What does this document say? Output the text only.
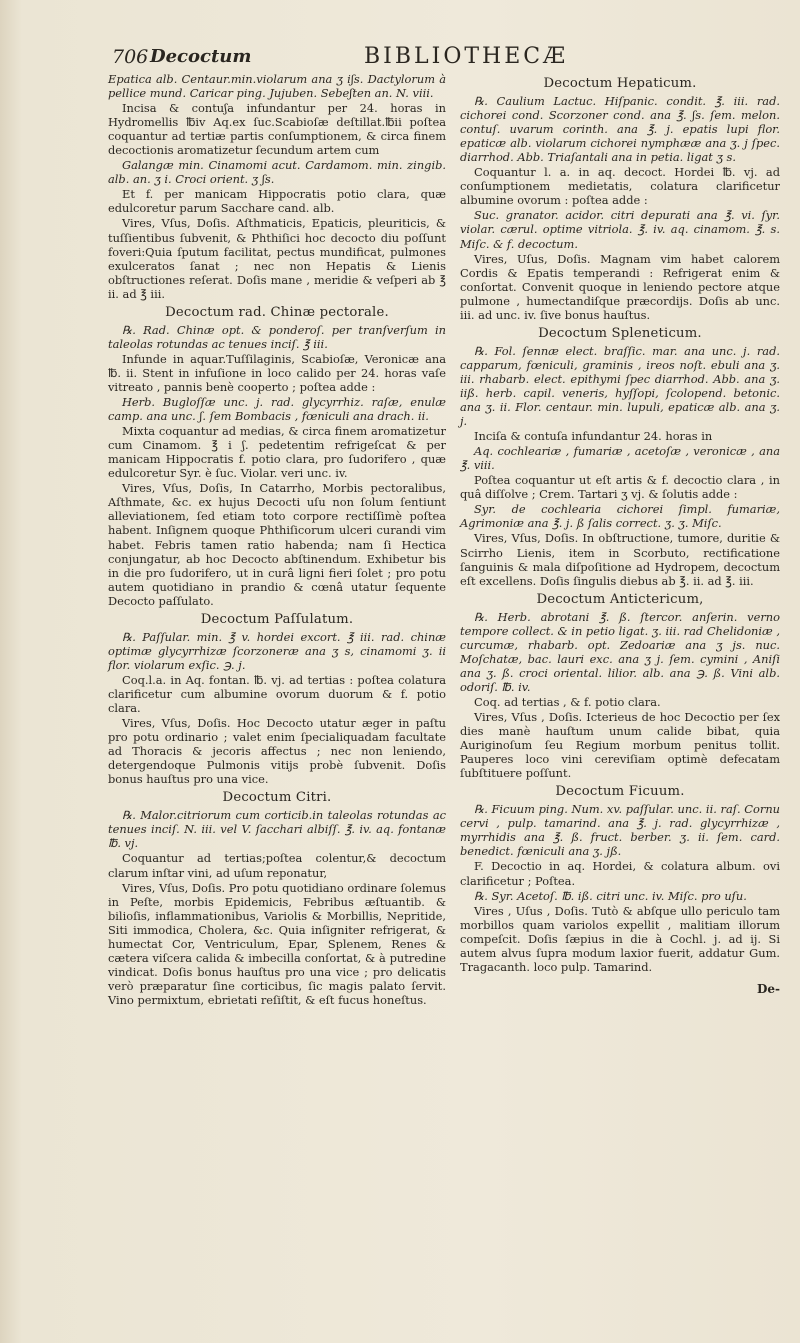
706 Decoctum	BIBLIOTHECÆ

Epatica alb. Centaur.min.violarum ana ʒ iʃs. Dactylorum à pellice mund. Caricar ping. Jujuben. Sebeʃten an. N. viii.

Incisa & contuʃa infundantur per 24. horas in Hydromellis ℔iv Aq.ex ſuc.Scabioſæ deſtillat.℔ii poſtea coquantur ad tertiæ partis conſumptionem, & circa finem decoctionis aromatizetur ſecundum artem cum

Galangæ min. Cinamomi acut. Cardamom. min. zingib. alb. an. ʒ i. Croci orient. ʒ ʃs.

Et f. per manicam Hippocratis potio clara, quæ edulcoretur parum Sacchare cand. alb.

Vires, Vſus, Doſis. Aſthmaticis, Epaticis, pleuriticis, & tuſſientibus ſubvenit, & Phthiſici hoc decocto diu poſſunt foveri:Quia ſputum facilitat, pectus mundificat, pulmones exulceratos ſanat ; nec non Hepatis & Lienis obſtructiones reſerat. Doſis mane , meridie & veſperi ab ℥ ii. ad ℥ iii.

Decoctum rad. Chinæ pectorale.

℞. Rad. Chinæ opt. & ponderoſ. per tranſverſum in taleolas rotundas ac tenues inciſ. ℥ iii.

Infunde in aquar.Tuſſilaginis, Scabioſæ, Veronicæ ana ℔. ii. Stent in infuſione in loco calido per 24. horas vaſe vitreato , pannis benè cooperto ; poſtea adde :

Herb. Bugloſſæ unc. j. rad. glycyrrhiz. raſæ, enulæ camp. ana unc. ʃ. ſem Bombacis , fœniculi ana drach. ii.

Mixta coquantur ad medias, & circa finem aromatizetur cum Cinamom. ℥ i ʃ. pedetentim refrigeſcat & per manicam Hippocratis f. potio clara, pro ſudorifero , quæ edulcoretur Syr. è ſuc. Violar. veri unc. iv.

Vires, Vſus, Doſis, In Catarrho, Morbis pectoralibus, Aſthmate, &c. ex hujus Decocti uſu non ſolum ſentiunt alleviationem, ſed etiam toto corpore rectiſſimè poſtea habent. Inſignem quoque Phthiſicorum ulceri curandi vim habet. Febris tamen ratio habenda; nam ſi Hectica conjungatur, ab hoc Decocto abſtinendum. Exhibetur bis in die pro ſudorifero, ut in curâ ligni fieri ſolet ; pro potu autem quotidiano in prandio & cœnâ utatur ſequente Decocto paſſulato.

Decoctum Paſſulatum.

℞. Paſſular. min. ℥ v. hordei excort. ℥ iii. rad. chinæ optimæ glycyrrhizæ ſcorzoneræ ana ʒ s, cinamomi ʒ. ii flor. violarum exſic. ℈. j.

Coq.l.a. in Aq. fontan. ℔. vj. ad tertias : poſtea colatura clarificetur cum albumine ovorum duorum & f. potio clara.

Vires, Vſus, Doſis. Hoc Decocto utatur æger in paſtu pro potu ordinario ; valet enim ſpecialiquadam facultate ad Thoracis & jecoris affectus ; nec non leniendo, detergendoque Pulmonis vitijs probè ſubvenit. Doſis bonus hauſtus pro una vice.

Decoctum Citri.

℞. Malor.citriorum cum corticib.in taleolas rotundas ac tenues inciſ. N. iii. vel V. ſacchari albiſſ. ℥. iv. aq. fontanæ ℔. vj.

Coquantur ad tertias;poſtea colentur,& decoctum clarum inſtar vini, ad uſum reponatur,

Vires, Vſus, Doſis. Pro potu quotidiano ordinare ſolemus in Peſte, morbis Epidemicis, Febribus æſtuantib. & bilioſis, inflammationibus, Variolis & Morbillis, Nepritide, Siti immodica, Cholera, &c. Quia inſigniter refrigerat, & humectat Cor, Ventriculum, Epar, Splenem, Renes & cætera viſcera calida & imbecilla conſortat, & à putredine vindicat. Doſis bonus hauſtus pro una vice ; pro delicatis verò præparatur ſine corticibus, ſic magis palato ſervit. Vino permixtum, ebrietati reſiſtit, & eſt fucus honeſtus.

Decoctum Hepaticum.

℞. Caulium Lactuc. Hiſpanic. condit. ℥. iii. rad. cichorei cond. Scorzoner cond. ana ℥. ʃs. ſem. melon. contuſ. uvarum corinth. ana ℥. j. epatis lupi flor. epaticæ alb. violarum cichorei nymphææ ana ʒ. j ſpec. diarrhod. Abb. Triaſantali ana in petia. ligat ʒ s.

Coquantur l. a. in aq. decoct. Hordei ℔. vj. ad conſumptionem medietatis, colatura clarificetur albumine ovorum : poſtea adde :

Suc. granator. acidor. citri depurati ana ℥. vi. ſyr. violar. cærul. optime vitriola. ℥. iv. aq. cinamom. ℥. s. Miſc. & f. decoctum.

Vires, Uſus, Doſis. Magnam vim habet calorem Cordis & Epatis temperandi : Refrigerat enim & conſortat. Convenit quoque in leniendo pectore atque pulmone , humectandiſque præcordijs. Doſis ab unc. iii. ad unc. iv. ſive bonus hauſtus.

Decoctum Spleneticum.

℞. Fol. ſennæ elect. braſſic. mar. ana unc. j. rad. capparum, fœniculi, graminis , ireos noſt. ebuli ana ʒ. iii. rhabarb. elect. epithymi ſpec diarrhod. Abb. ana ʒ. iiß. herb. capil. veneris, hyſſopi, ſcolopend. betonic. ana ʒ. ii. Flor. centaur. min. lupuli, epaticæ alb. ana ʒ. j.

Inciſa & contuſa infundantur 24. horas in

Aq. cochleariæ , fumariæ , acetoſæ , veronicæ , ana ℥. viii.

Poſtea coquantur ut eſt artis & f. decoctio clara , in quâ diſſolve ; Crem. Tartari ʒ vj. & ſolutis adde :

Syr. de cochlearia cichorei ſimpl. fumariæ, Agrimoniæ ana ℥. j. ß ſalis correct. ʒ. ʒ. Miſc.

Vires, Vſus, Doſis. In obſtructione, tumore, duritie & Scirrho Lienis, item in Scorbuto, rectificatione ſanguinis & mala diſpoſitione ad Hydropem, decoctum eſt excellens. Doſis ſingulis diebus ab ℥. ii. ad ℥. iii.

Decoctum Antictericum,

℞. Herb. abrotani ℥. ß. ſtercor. anſerin. verno tempore collect. & in petio ligat. ʒ. iii. rad Chelidoniæ , curcumæ, rhabarb. opt. Zedoariæ ana ʒ js. nuc. Moſchatæ, bac. lauri exc. ana ʒ j. ſem. cymini , Aniſi ana ʒ. ß. croci oriental. lilior. alb. ana ℈. ß. Vini alb. odoriſ. ℔. iv.

Coq. ad tertias , & f. potio clara.

Vires, Vſus , Doſis. Icterieus de hoc Decoctio per ſex dies manè hauſtum unum calide bibat, quia Auriginoſum ſeu Regium morbum penitus tollit. Pauperes loco vini cereviſiam optimè defecatam ſubſtituere poſſunt.

Decoctum Ficuum.

℞. Ficuum ping. Num. xv. paſſular. unc. ii. raſ. Cornu cervi , pulp. tamarind. ana ℥. j. rad. glycyrrhizæ , myrrhidis ana ℥. ß. fruct. berber. ʒ. ii. ſem. card. benedict. fœniculi ana ʒ. jß.

F. Decoctio in aq. Hordei, & colatura album. ovi clarificetur ; Poſtea.

℞. Syr. Acetoſ. ℔. iß. citri unc. iv. Miſc. pro uſu.

Vires , Uſus , Doſis. Tutò & abſque ullo periculo tam morbillos quam variolos expellit , malitiam illorum compeſcit. Doſis ſæpius in die à Cochl. j. ad ij. Si autem alvus ſupra modum laxior fuerit, addatur Gum. Tragacanth. loco pulp. Tamarind.

De-
